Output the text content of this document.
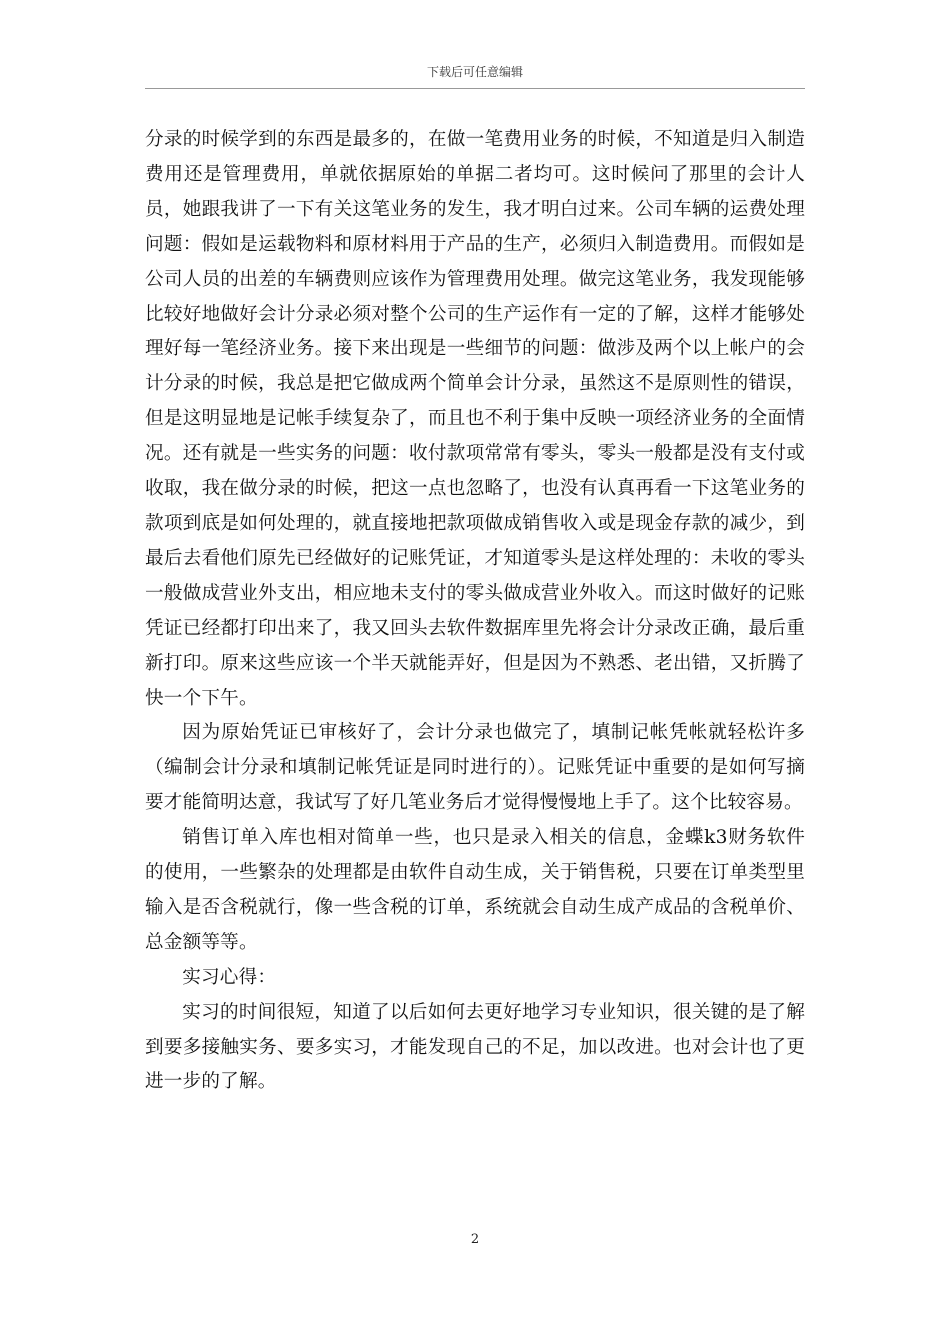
下载后可任意编辑

分录的时候学到的东西是最多的，在做一笔费用业务的时候，不知道是归入制造费用还是管理费用，单就依据原始的单据二者均可。这时候问了那里的会计人员，她跟我讲了一下有关这笔业务的发生，我才明白过来。公司车辆的运费处理问题：假如是运载物料和原材料用于产品的生产，必须归入制造费用。而假如是公司人员的出差的车辆费则应该作为管理费用处理。做完这笔业务，我发现能够比较好地做好会计分录必须对整个公司的生产运作有一定的了解，这样才能够处理好每一笔经济业务。接下来出现是一些细节的问题：做涉及两个以上帐户的会计分录的时候，我总是把它做成两个简单会计分录，虽然这不是原则性的错误，但是这明显地是记帐手续复杂了，而且也不利于集中反映一项经济业务的全面情况。还有就是一些实务的问题：收付款项常常有零头，零头一般都是没有支付或收取，我在做分录的时候，把这一点也忽略了，也没有认真再看一下这笔业务的款项到底是如何处理的，就直接地把款项做成销售收入或是现金存款的减少，到最后去看他们原先已经做好的记账凭证，才知道零头是这样处理的：未收的零头一般做成营业外支出，相应地未支付的零头做成营业外收入。而这时做好的记账凭证已经都打印出来了，我又回头去软件数据库里先将会计分录改正确，最后重新打印。原来这些应该一个半天就能弄好，但是因为不熟悉、老出错，又折腾了快一个下午。

因为原始凭证已审核好了，会计分录也做完了，填制记帐凭帐就轻松许多（编制会计分录和填制记帐凭证是同时进行的）。记账凭证中重要的是如何写摘要才能简明达意，我试写了好几笔业务后才觉得慢慢地上手了。这个比较容易。

销售订单入库也相对简单一些，也只是录入相关的信息，金蝶k3财务软件的使用，一些繁杂的处理都是由软件自动生成，关于销售税，只要在订单类型里输入是否含税就行，像一些含税的订单，系统就会自动生成产成品的含税单价、总金额等等。

实习心得：

实习的时间很短，知道了以后如何去更好地学习专业知识，很关键的是了解到要多接触实务、要多实习，才能发现自己的不足，加以改进。也对会计也了更进一步的了解。

2
